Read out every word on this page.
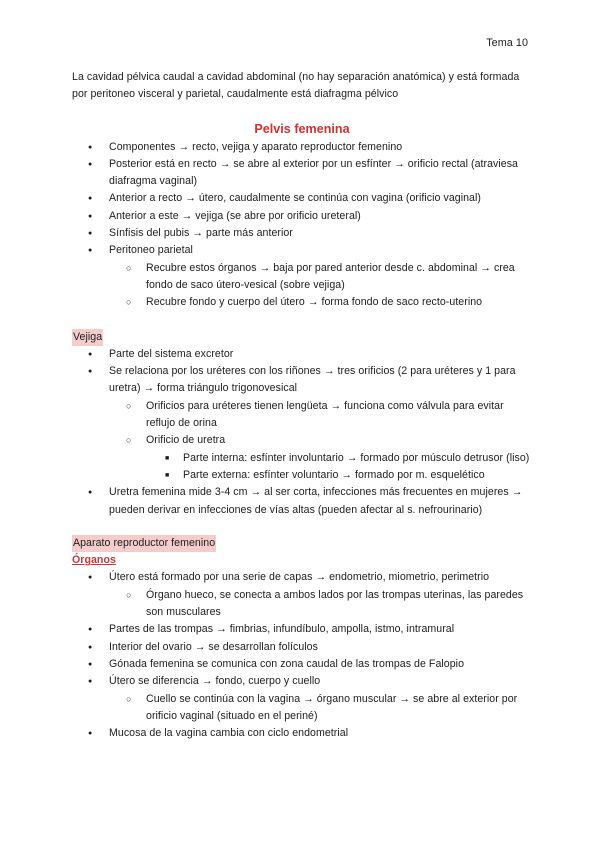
Tema 10

La cavidad pélvica caudal a cavidad abdominal (no hay separación anatómica) y está formada por peritoneo visceral y parietal, caudalmente está diafragma pélvico

Pelvis femenina
● Componentes → recto, vejiga y aparato reproductor femenino
● Posterior está en recto → se abre al exterior por un esfínter → orificio rectal (atraviesa diafragma vaginal)
● Anterior a recto → útero, caudalmente se continúa con vagina (orificio vaginal)
● Anterior a este → vejiga (se abre por orificio ureteral)
● Sínfisis del pubis → parte más anterior
● Peritoneo parietal
○ Recubre estos órganos → baja por pared anterior desde c. abdominal → crea fondo de saco útero-vesical (sobre vejiga)
○ Recubre fondo y cuerpo del útero → forma fondo de saco recto-uterino
Vejiga
● Parte del sistema excretor
● Se relaciona por los uréteres con los riñones → tres orificios (2 para uréteres y 1 para uretra) → forma triángulo trigonovesical
○ Orificios para uréteres tienen lengüeta → funciona como válvula para evitar reflujo de orina
○ Orificio de uretra
■ Parte interna: esfínter involuntario → formado por músculo detrusor (liso)
■ Parte externa: esfínter voluntario → formado por m. esquelético
● Uretra femenina mide 3-4 cm → al ser corta, infecciones más frecuentes en mujeres → pueden derivar en infecciones de vías altas (pueden afectar al s. nefrourinario)
Aparato reproductor femenino
Órganos
● Útero está formado por una serie de capas → endometrio, miometrio, perimetrio
○ Órgano hueco, se conecta a ambos lados por las trompas uterinas, las paredes son musculares
● Partes de las trompas → fimbrias, infundíbulo, ampolla, istmo, intramural
● Interior del ovario → se desarrollan folículos
● Gónada femenina se comunica con zona caudal de las trompas de Falopio
● Útero se diferencia → fondo, cuerpo y cuello
○ Cuello se continúa con la vagina → órgano muscular → se abre al exterior por orificio vaginal (situado en el periné)
● Mucosa de la vagina cambia con ciclo endometrial
